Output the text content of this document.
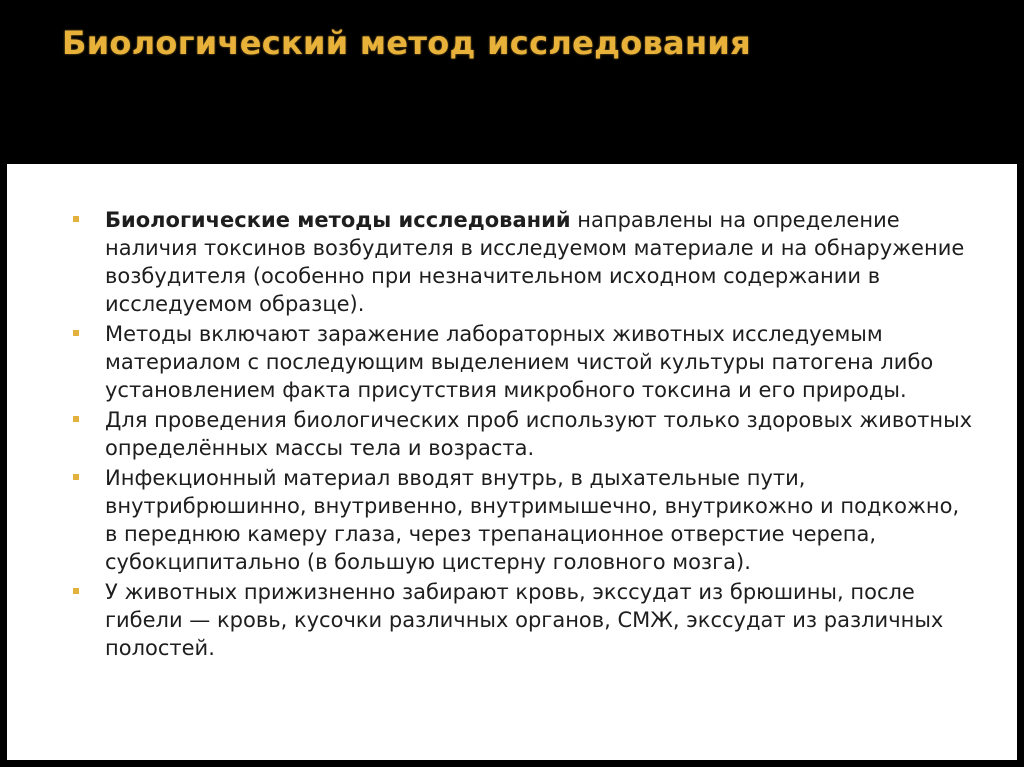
Биологический метод исследования
Биологические методы исследований направлены на определение наличия токсинов возбудителя в исследуемом материале и на обнаружение возбудителя (особенно при незначительном исходном содержании в исследуемом образце).
Методы включают заражение лабораторных животных исследуемым материалом с последующим выделением чистой культуры патогена либо установлением факта присутствия микробного токсина и его природы.
Для проведения биологических проб используют только здоровых животных определённых массы тела и возраста.
Инфекционный материал вводят внутрь, в дыхательные пути, внутрибрюшинно, внутривенно, внутримышечно, внутрикожно и подкожно, в переднюю камеру глаза, через трепанационное отверстие черепа, субокципитально (в большую цистерну головного мозга).
У животных прижизненно забирают кровь, экссудат из брюшины, после гибели — кровь, кусочки различных органов, СМЖ, экссудат из различных полостей.
